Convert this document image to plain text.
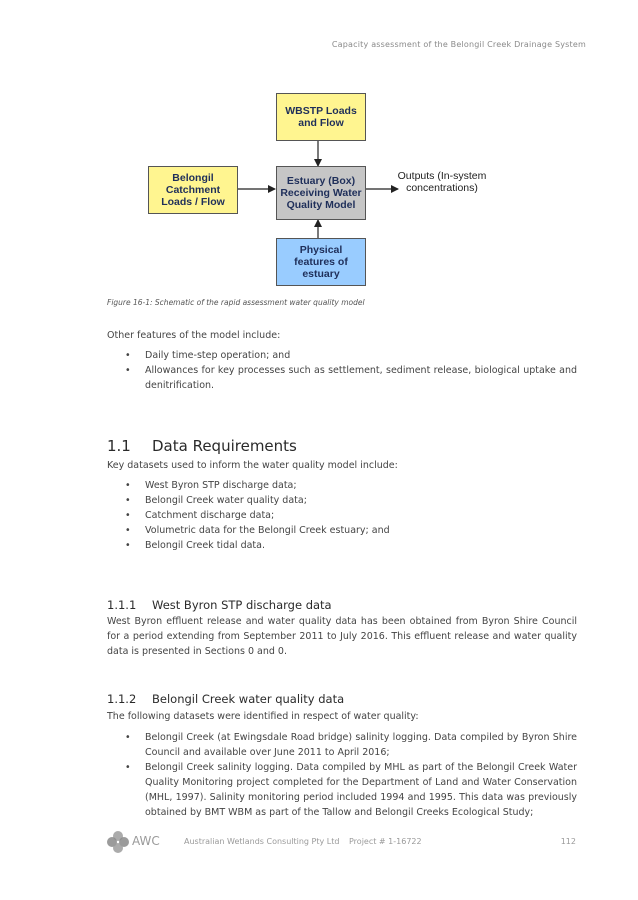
Capacity assessment of the Belongil Creek Drainage System
WBSTP Loads and Flow
Belongil Catchment Loads / Flow
Estuary (Box) Receiving Water Quality Model
Physical features of estuary
Outputs (In-system concentrations)
Figure 16-1: Schematic of the rapid assessment water quality model

Other features of the model include:

• Daily time-step operation; and
• Allowances for key processes such as settlement, sediment release, biological uptake and denitrification.
1.1 Data Requirements

Key datasets used to inform the water quality model include:

• West Byron STP discharge data;
• Belongil Creek water quality data;
• Catchment discharge data;
• Volumetric data for the Belongil Creek estuary; and
• Belongil Creek tidal data.
1.1.1 West Byron STP discharge data

West Byron effluent release and water quality data has been obtained from Byron Shire Council for a period extending from September 2011 to July 2016. This effluent release and water quality data is presented in Sections 0 and 0.

1.1.2 Belongil Creek water quality data

The following datasets were identified in respect of water quality:

• Belongil Creek (at Ewingsdale Road bridge) salinity logging. Data compiled by Byron Shire Council and available over June 2011 to April 2016;
• Belongil Creek salinity logging. Data compiled by MHL as part of the Belongil Creek Water Quality Monitoring project completed for the Department of Land and Water Conservation (MHL, 1997). Salinity monitoring period included 1994 and 1995. This data was previously obtained by BMT WBM as part of the Tallow and Belongil Creeks Ecological Study;
AWC	Australian Wetlands Consulting Pty Ltd Project # 1-16722	112
